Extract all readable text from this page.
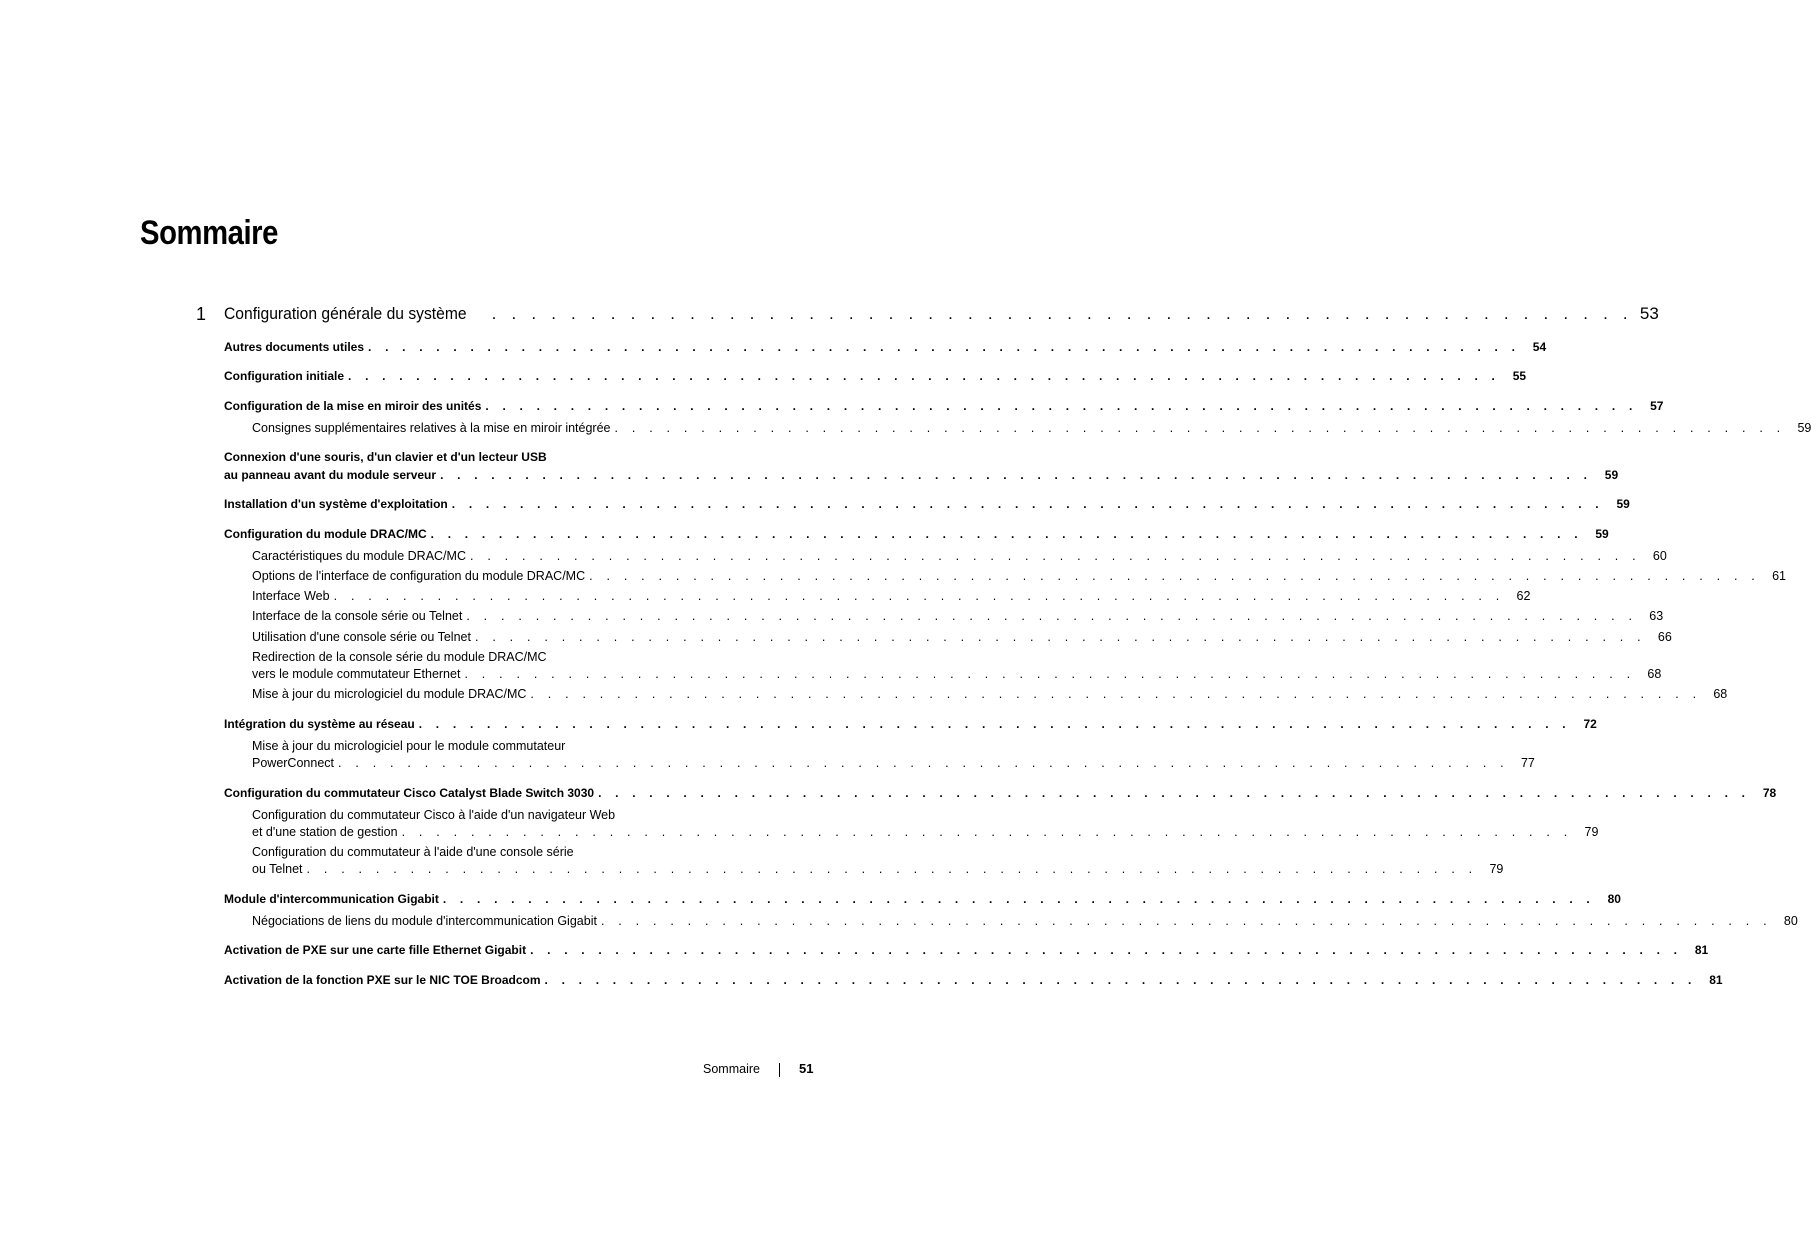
Sommaire
1 Configuration générale du système . . . . . . . . . . . . . . . . . . . . . . . . . . . . . . . . . . . . . . . . . . . . . . . . . . . . . . . . . . 53
Autres documents utiles . . . . . . . . . . . . . . . . . . . . . . . . . . . . . . . . . . . . . . . . . . . . . . . . . . . . . . . . . . . . . . . . . . . .	54
Configuration initiale . . . . . . . . . . . . . . . . . . . . . . . . . . . . . . . . . . . . . . . . . . . . . . . . . . . . . . . . . . . . . . . . . . . .	55
Configuration de la mise en miroir des unités . . . . . . . . . . . . . . . . . . . . . . . . . . . . . . . . . . . . . . . . . . . . . . . . . . . . . . . . . . . . . . . . . . . .	57
Consignes supplémentaires relatives à la mise en miroir intégrée . . . . . . . . . . . . . . . . . . . . . . . . . . . . . . . . . . . . . . . . . . . . . . . . . . . . . . . . . . . . . . . . . . . . 59
Connexion d'une souris, d'un clavier et d'un lecteur USB
au panneau avant du module serveur . . . . . . . . . . . . . . . . . . . . . . . . . . . . . . . . . . . . . . . . . . . . . . . . . . . . . . . . . . . . . . . . . . . .	59
Installation d'un système d'exploitation . . . . . . . . . . . . . . . . . . . . . . . . . . . . . . . . . . . . . . . . . . . . . . . . . . . . . . . . . . . . . . . . . . . .	59
Configuration du module DRAC/MC . . . . . . . . . . . . . . . . . . . . . . . . . . . . . . . . . . . . . . . . . . . . . . . . . . . . . . . . . . . . . . . . . . . .	59
Caractéristiques du module DRAC/MC . . . . . . . . . . . . . . . . . . . . . . . . . . . . . . . . . . . . . . . . . . . . . . . . . . . . . . . . . . . . . . . . . . . . 60
Options de l'interface de configuration du module DRAC/MC . . . . . . . . . . . . . . . . . . . . . . . . . . . . . . . . . . . . . . . . . . . . . . . . . . . . . . . . . . . . . . . . . . . . 61
Interface Web . . . . . . . . . . . . . . . . . . . . . . . . . . . . . . . . . . . . . . . . . . . . . . . . . . . . . . . . . . . . . . . . . . . . 62
Interface de la console série ou Telnet . . . . . . . . . . . . . . . . . . . . . . . . . . . . . . . . . . . . . . . . . . . . . . . . . . . . . . . . . . . . . . . . . . . . 63
Utilisation d'une console série ou Telnet . . . . . . . . . . . . . . . . . . . . . . . . . . . . . . . . . . . . . . . . . . . . . . . . . . . . . . . . . . . . . . . . . . . . 66
Redirection de la console série du module DRAC/MC
vers le module commutateur Ethernet . . . . . . . . . . . . . . . . . . . . . . . . . . . . . . . . . . . . . . . . . . . . . . . . . . . . . . . . . . . . . . . . . . . . 68
Mise à jour du micrologiciel du module DRAC/MC . . . . . . . . . . . . . . . . . . . . . . . . . . . . . . . . . . . . . . . . . . . . . . . . . . . . . . . . . . . . . . . . . . . . 68
Intégration du système au réseau . . . . . . . . . . . . . . . . . . . . . . . . . . . . . . . . . . . . . . . . . . . . . . . . . . . . . . . . . . . . . . . . . . . .	72
Mise à jour du micrologiciel pour le module commutateur
PowerConnect . . . . . . . . . . . . . . . . . . . . . . . . . . . . . . . . . . . . . . . . . . . . . . . . . . . . . . . . . . . . . . . . . . . . 77
Configuration du commutateur Cisco Catalyst Blade Switch 3030 . . . . . . . . . . . . . . . . . . . . . . . . . . . . . . . . . . . . . . . . . . . . . . . . . . . . . . . . . . . . . . . . . . . .	78
Configuration du commutateur Cisco à l'aide d'un navigateur Web
et d'une station de gestion . . . . . . . . . . . . . . . . . . . . . . . . . . . . . . . . . . . . . . . . . . . . . . . . . . . . . . . . . . . . . . . . . . . . 79
Configuration du commutateur à l'aide d'une console série
ou Telnet . . . . . . . . . . . . . . . . . . . . . . . . . . . . . . . . . . . . . . . . . . . . . . . . . . . . . . . . . . . . . . . . . . . . 79
Module d'intercommunication Gigabit . . . . . . . . . . . . . . . . . . . . . . . . . . . . . . . . . . . . . . . . . . . . . . . . . . . . . . . . . . . . . . . . . . . .	80
Négociations de liens du module d'intercommunication Gigabit . . . . . . . . . . . . . . . . . . . . . . . . . . . . . . . . . . . . . . . . . . . . . . . . . . . . . . . . . . . . . . . . . . . . 80
Activation de PXE sur une carte fille Ethernet Gigabit . . . . . . . . . . . . . . . . . . . . . . . . . . . . . . . . . . . . . . . . . . . . . . . . . . . . . . . . . . . . . . . . . . . .	81
Activation de la fonction PXE sur le NIC TOE Broadcom . . . . . . . . . . . . . . . . . . . . . . . . . . . . . . . . . . . . . . . . . . . . . . . . . . . . . . . . . . . . . . . . . . . .	81
Sommaire	51
